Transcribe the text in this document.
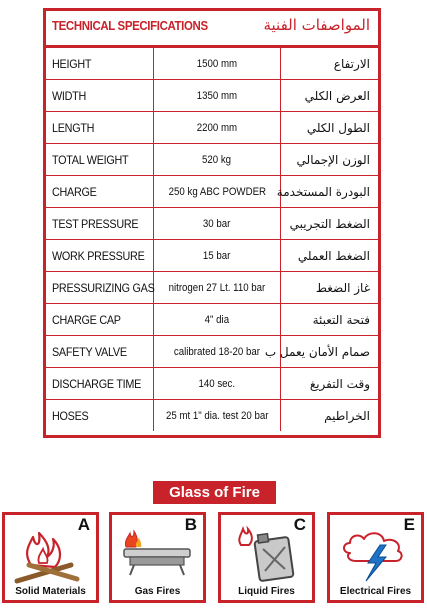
TECHNICAL SPECIFICATIONS	المواصفات الفنية
HEIGHT	1500 mm	الارتفاع
WIDTH	1350 mm	العرض الكلي
LENGTH	2200 mm	الطول الكلي
TOTAL WEIGHT	520 kg	الوزن الإجمالي
CHARGE	250 kg ABC POWDER	البودرة المستخدمة
TEST PRESSURE	30 bar	الضغط التجريبي
WORK PRESSURE	15 bar	الضغط العملي
PRESSURIZING GAS	nitrogen 27 Lt. 110 bar	غاز الضغط
CHARGE CAP	4" dia	فتحة التعبئة
SAFETY VALVE	calibrated 18-20 bar	صمام الأمان يعمل ب
DISCHARGE TIME	140 sec.	وقت التفريغ
HOSES	25 mt 1" dia. test 20 bar	الخراطيم
Glass of Fire
A
Solid Materials
B
Gas Fires
C
Liquid Fires
E
Electrical Fires
